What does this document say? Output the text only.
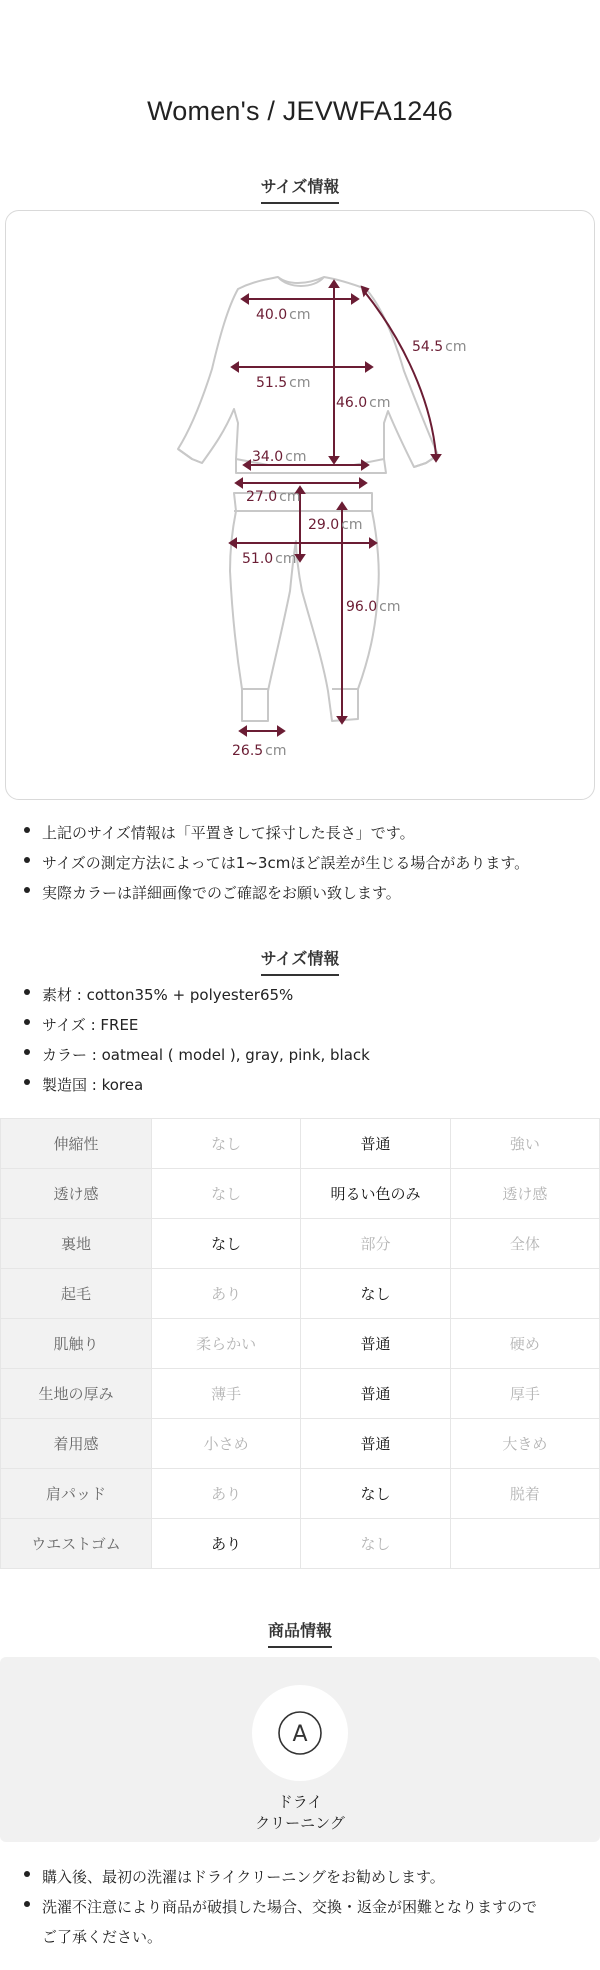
Women's / JEVWFA1246
サイズ情報
40.0 cm
54.5 cm
51.5 cm
46.0 cm
34.0 cm
27.0 cm
29.0 cm
51.0 cm
96.0 cm
26.5 cm
上記のサイズ情報は「平置きして採寸した長さ」です。
サイズの測定方法によっては1~3cmほど誤差が生じる場合があります。
実際カラーは詳細画像でのご確認をお願い致します。
サイズ情報
素材 : cotton35% + polyester65%
サイズ : FREE
カラー : oatmeal ( model ), gray, pink, black
製造国 : korea
伸縮性	なし	普通	強い
透け感	なし	明るい色のみ	透け感
裏地	なし	部分	全体
起毛	あり	なし	
肌触り	柔らかい	普通	硬め
生地の厚み	薄手	普通	厚手
着用感	小さめ	普通	大きめ
肩パッド	あり	なし	脱着
ウエストゴム	あり	なし	
商品情報
A
ドライ
クリーニング
購入後、最初の洗濯はドライクリーニングをお勧めします。
洗濯不注意により商品が破損した場合、交換・返金が困難となりますので
ご了承ください。
